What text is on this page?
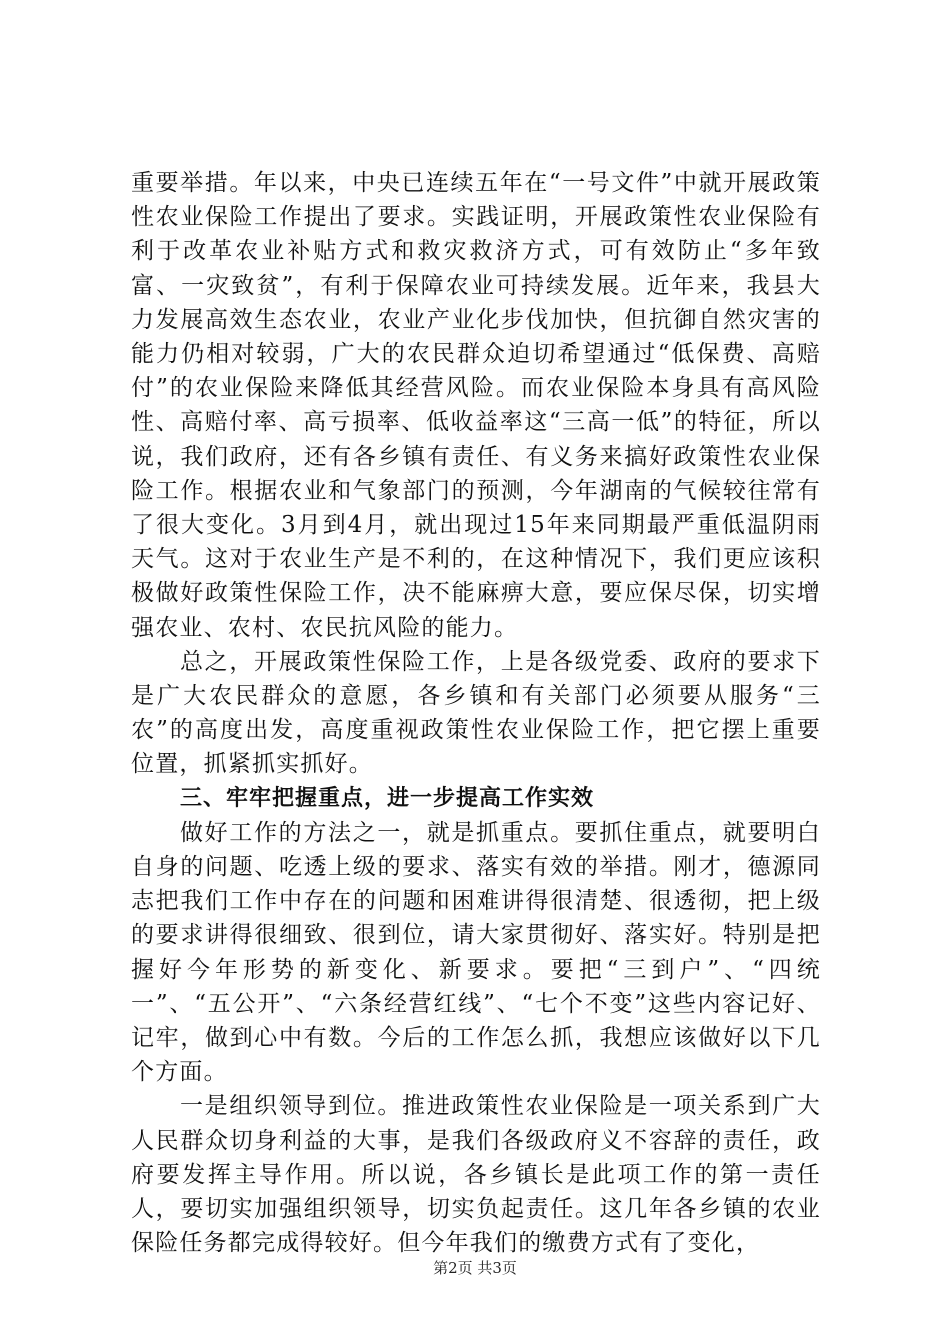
重要举措。年以来，中央已连续五年在“一号文件”中就开展政策性农业保险工作提出了要求。实践证明，开展政策性农业保险有利于改革农业补贴方式和救灾救济方式，可有效防止“多年致富、一灾致贫”，有利于保障农业可持续发展。近年来，我县大力发展高效生态农业，农业产业化步伐加快，但抗御自然灾害的能力仍相对较弱，广大的农民群众迫切希望通过“低保费、高赔付”的农业保险来降低其经营风险。而农业保险本身具有高风险性、高赔付率、高亏损率、低收益率这“三高一低”的特征，所以说，我们政府，还有各乡镇有责任、有义务来搞好政策性农业保险工作。根据农业和气象部门的预测，今年湖南的气候较往常有了很大变化。3月到4月，就出现过15年来同期最严重低温阴雨天气。这对于农业生产是不利的，在这种情况下，我们更应该积极做好政策性保险工作，决不能麻痹大意，要应保尽保，切实增强农业、农村、农民抗风险的能力。

总之，开展政策性保险工作，上是各级党委、政府的要求下是广大农民群众的意愿，各乡镇和有关部门必须要从服务“三农”的高度出发，高度重视政策性农业保险工作，把它摆上重要位置，抓紧抓实抓好。

三、牢牢把握重点，进一步提高工作实效

做好工作的方法之一，就是抓重点。要抓住重点，就要明白自身的问题、吃透上级的要求、落实有效的举措。刚才，德源同志把我们工作中存在的问题和困难讲得很清楚、很透彻，把上级的要求讲得很细致、很到位，请大家贯彻好、落实好。特别是把握好今年形势的新变化、新要求。要把“三到户”、“四统一”、“五公开”、“六条经营红线”、“七个不变”这些内容记好、记牢，做到心中有数。今后的工作怎么抓，我想应该做好以下几个方面。

一是组织领导到位。推进政策性农业保险是一项关系到广大人民群众切身利益的大事，是我们各级政府义不容辞的责任，政府要发挥主导作用。所以说，各乡镇长是此项工作的第一责任人，要切实加强组织领导，切实负起责任。这几年各乡镇的农业保险任务都完成得较好。但今年我们的缴费方式有了变化，

第2页 共3页
